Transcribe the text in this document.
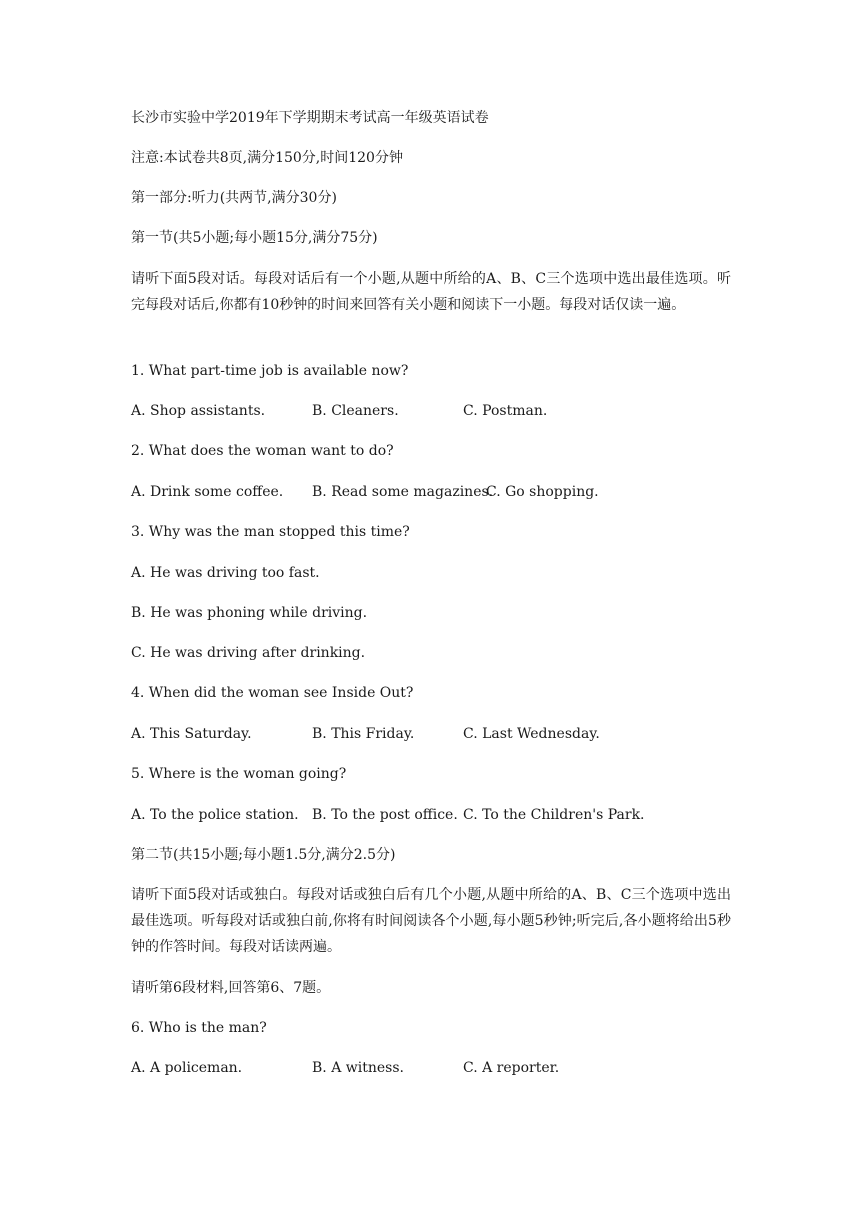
长沙市实验中学2019年下学期期末考试高一年级英语试卷
注意:本试卷共8页,满分150分,时间120分钟
第一部分:听力(共两节,满分30分)
第一节(共5小题;每小题15分,满分75分)
请听下面5段对话。每段对话后有一个小题,从题中所给的A、B、C三个选项中选出最佳选项。听完每段对话后,你都有10秒钟的时间来回答有关小题和阅读下一小题。每段对话仅读一遍。
1. What part-time job is available now?
A. Shop assistants.	B. Cleaners.	C. Postman.
2. What does the woman want to do?
A. Drink some coffee. B. Read some magazines.
C. Go shopping.
3. Why was the man stopped this time?
A. He was driving too fast.
B. He was phoning while driving.
C. He was driving after drinking.
4. When did the woman see Inside Out?
A. This Saturday.	B. This Friday.	C. Last Wednesday.
5. Where is the woman going?
A. To the police station. B. To the post office. C. To the Children's Park.
第二节(共15小题;每小题1.5分,满分2.5分)
请听下面5段对话或独白。每段对话或独白后有几个小题,从题中所给的A、B、C三个选项中选出最佳选项。听每段对话或独白前,你将有时间阅读各个小题,每小题5秒钟;听完后,各小题将给出5秒钟的作答时间。每段对话读两遍。
请听第6段材料,回答第6、7题。
6. Who is the man?
A. A policeman.	B. A witness.	C. A reporter.
